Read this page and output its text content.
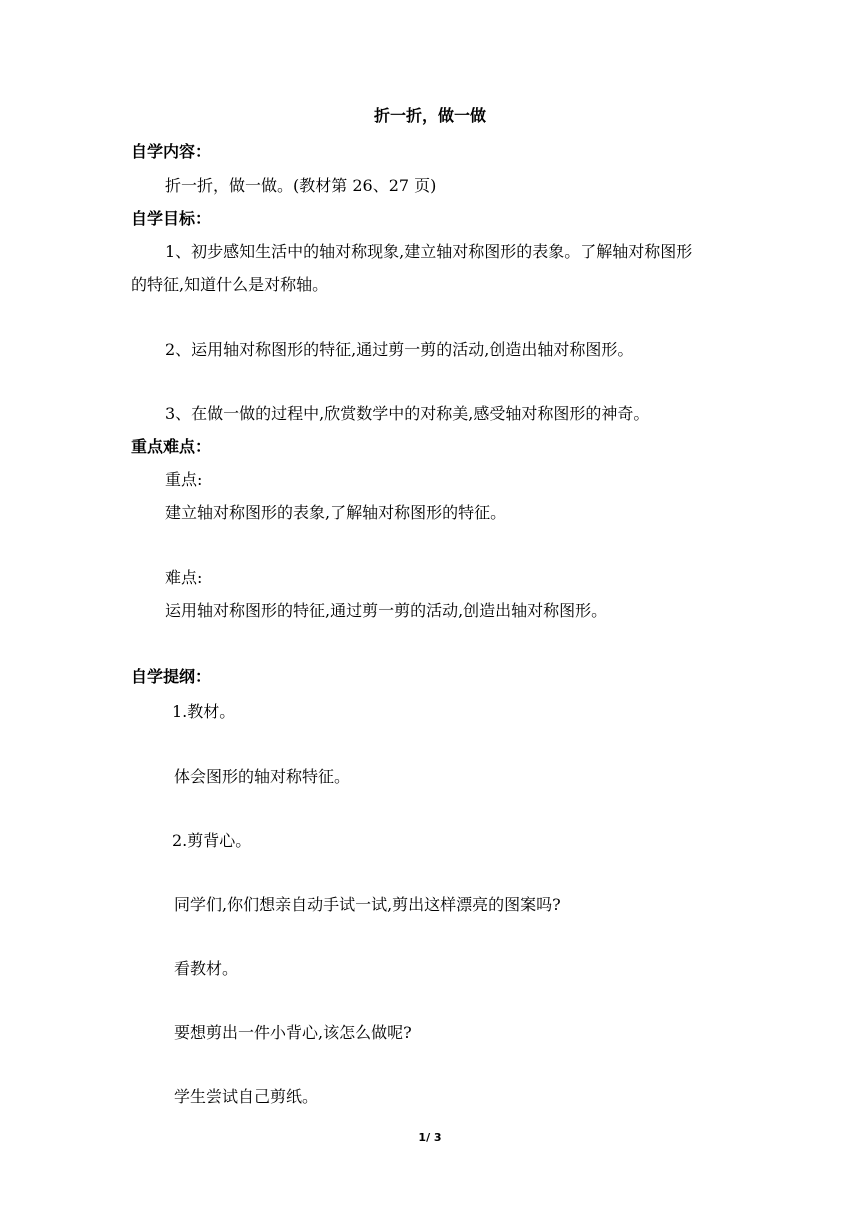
折一折，做一做
自学内容：
折一折，做一做。(教材第 26、27 页)
自学目标：
1、初步感知生活中的轴对称现象,建立轴对称图形的表象。了解轴对称图形
的特征,知道什么是对称轴。
2、运用轴对称图形的特征,通过剪一剪的活动,创造出轴对称图形。
3、在做一做的过程中,欣赏数学中的对称美,感受轴对称图形的神奇。
重点难点：
重点:
建立轴对称图形的表象,了解轴对称图形的特征。
难点:
运用轴对称图形的特征,通过剪一剪的活动,创造出轴对称图形。
自学提纲：
1.教材。
体会图形的轴对称特征。
2.剪背心。
同学们,你们想亲自动手试一试,剪出这样漂亮的图案吗?
看教材。
要想剪出一件小背心,该怎么做呢?
学生尝试自己剪纸。
1/ 3
